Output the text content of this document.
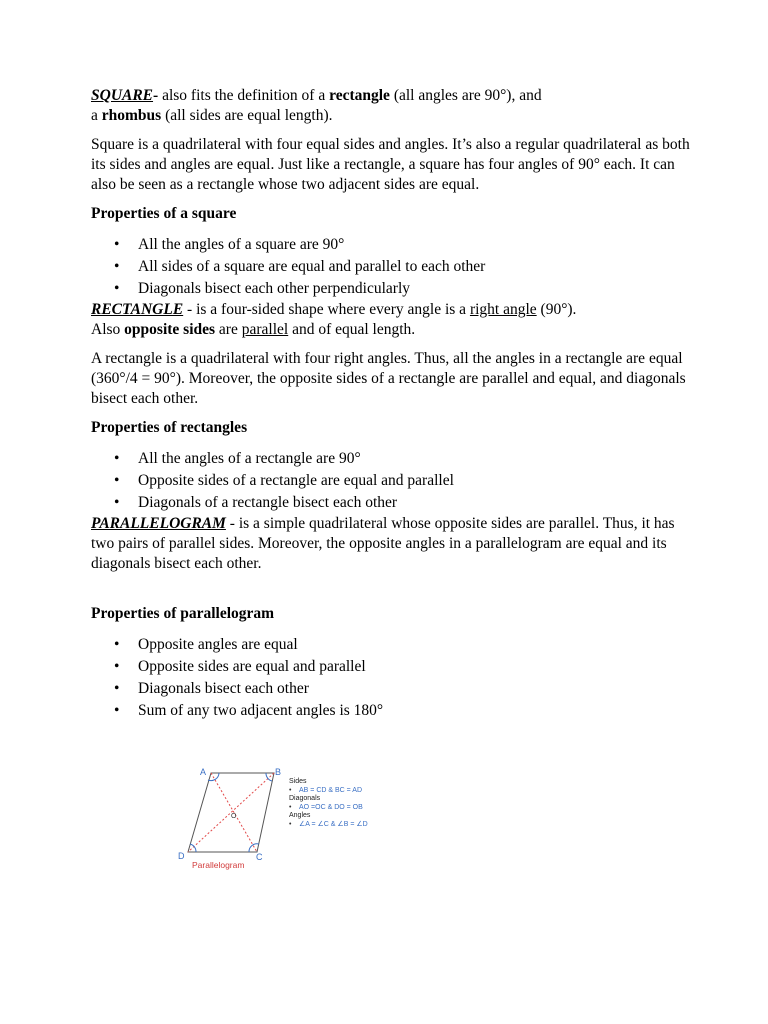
SQUARE- also fits the definition of a rectangle (all angles are 90°), and
a rhombus (all sides are equal length).

Square is a quadrilateral with four equal sides and angles. It’s also a regular quadrilateral as both its sides and angles are equal. Just like a rectangle, a square has four angles of 90° each. It can also be seen as a rectangle whose two adjacent sides are equal.

Properties of a square
• All the angles of a square are 90°
• All sides of a square are equal and parallel to each other
• Diagonals bisect each other perpendicularly

RECTANGLE - is a four-sided shape where every angle is a right angle (90°).
Also opposite sides are parallel and of equal length.

A rectangle is a quadrilateral with four right angles. Thus, all the angles in a rectangle are equal (360°/4 = 90°). Moreover, the opposite sides of a rectangle are parallel and equal, and diagonals bisect each other.

Properties of rectangles
• All the angles of a rectangle are 90°
• Opposite sides of a rectangle are equal and parallel
• Diagonals of a rectangle bisect each other

PARALLELOGRAM - is a simple quadrilateral whose opposite sides are parallel. Thus, it has two pairs of parallel sides. Moreover, the opposite angles in a parallelogram are equal and its diagonals bisect each other.

Properties of parallelogram
• Opposite angles are equal
• Opposite sides are equal and parallel
• Diagonals bisect each other
• Sum of any two adjacent angles is 180°
A	B
C
D
O
Parallelogram
Sides
• AB = CD & BC = AD
Diagonals
• AO =OC & DO = OB
Angles
• ∠A = ∠C & ∠B = ∠D
